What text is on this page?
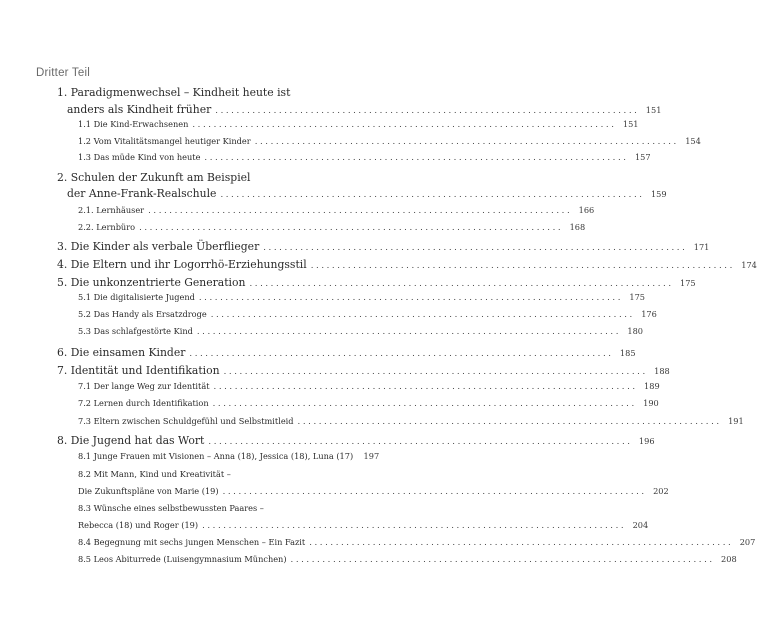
Dritter Teil
1. Paradigmenwechsel – Kindheit heute ist
anders als Kindheit früher ................................................................................ 151
1.1 Die Kind-Erwachsenen ................................................................................ 151
1.2 Vom Vitalitätsmangel heutiger Kinder ................................................................................ 154
1.3 Das müde Kind von heute ................................................................................ 157
2. Schulen der Zukunft am Beispiel
der Anne-Frank-Realschule ................................................................................ 159
2.1. Lernhäuser ................................................................................ 166
2.2. Lernbüro ................................................................................ 168
3. Die Kinder als verbale Überflieger ................................................................................ 171
4. Die Eltern und ihr Logorrhö-Erziehungsstil ................................................................................ 174
5. Die unkonzentrierte Generation ................................................................................ 175
5.1 Die digitalisierte Jugend ................................................................................ 175
5.2 Das Handy als Ersatzdroge ................................................................................ 176
5.3 Das schlafgestörte Kind ................................................................................ 180
6. Die einsamen Kinder ................................................................................ 185
7. Identität und Identifikation ................................................................................ 188
7.1 Der lange Weg zur Identität ................................................................................ 189
7.2 Lernen durch Identifikation ................................................................................ 190
7.3 Eltern zwischen Schuldgefühl und Selbstmitleid ................................................................................ 191
8. Die Jugend hat das Wort ................................................................................ 196
8.1 Junge Frauen mit Visionen – Anna (18), Jessica (18), Luna (17) 197
8.2 Mit Mann, Kind und Kreativität –
Die Zukunftspläne von Marie (19) ................................................................................ 202
8.3 Wünsche eines selbstbewussten Paares –
Rebecca (18) und Roger (19) ................................................................................ 204
8.4 Begegnung mit sechs jungen Menschen – Ein Fazit ................................................................................ 207
8.5 Leos Abiturrede (Luisengymnasium München) ................................................................................ 208
